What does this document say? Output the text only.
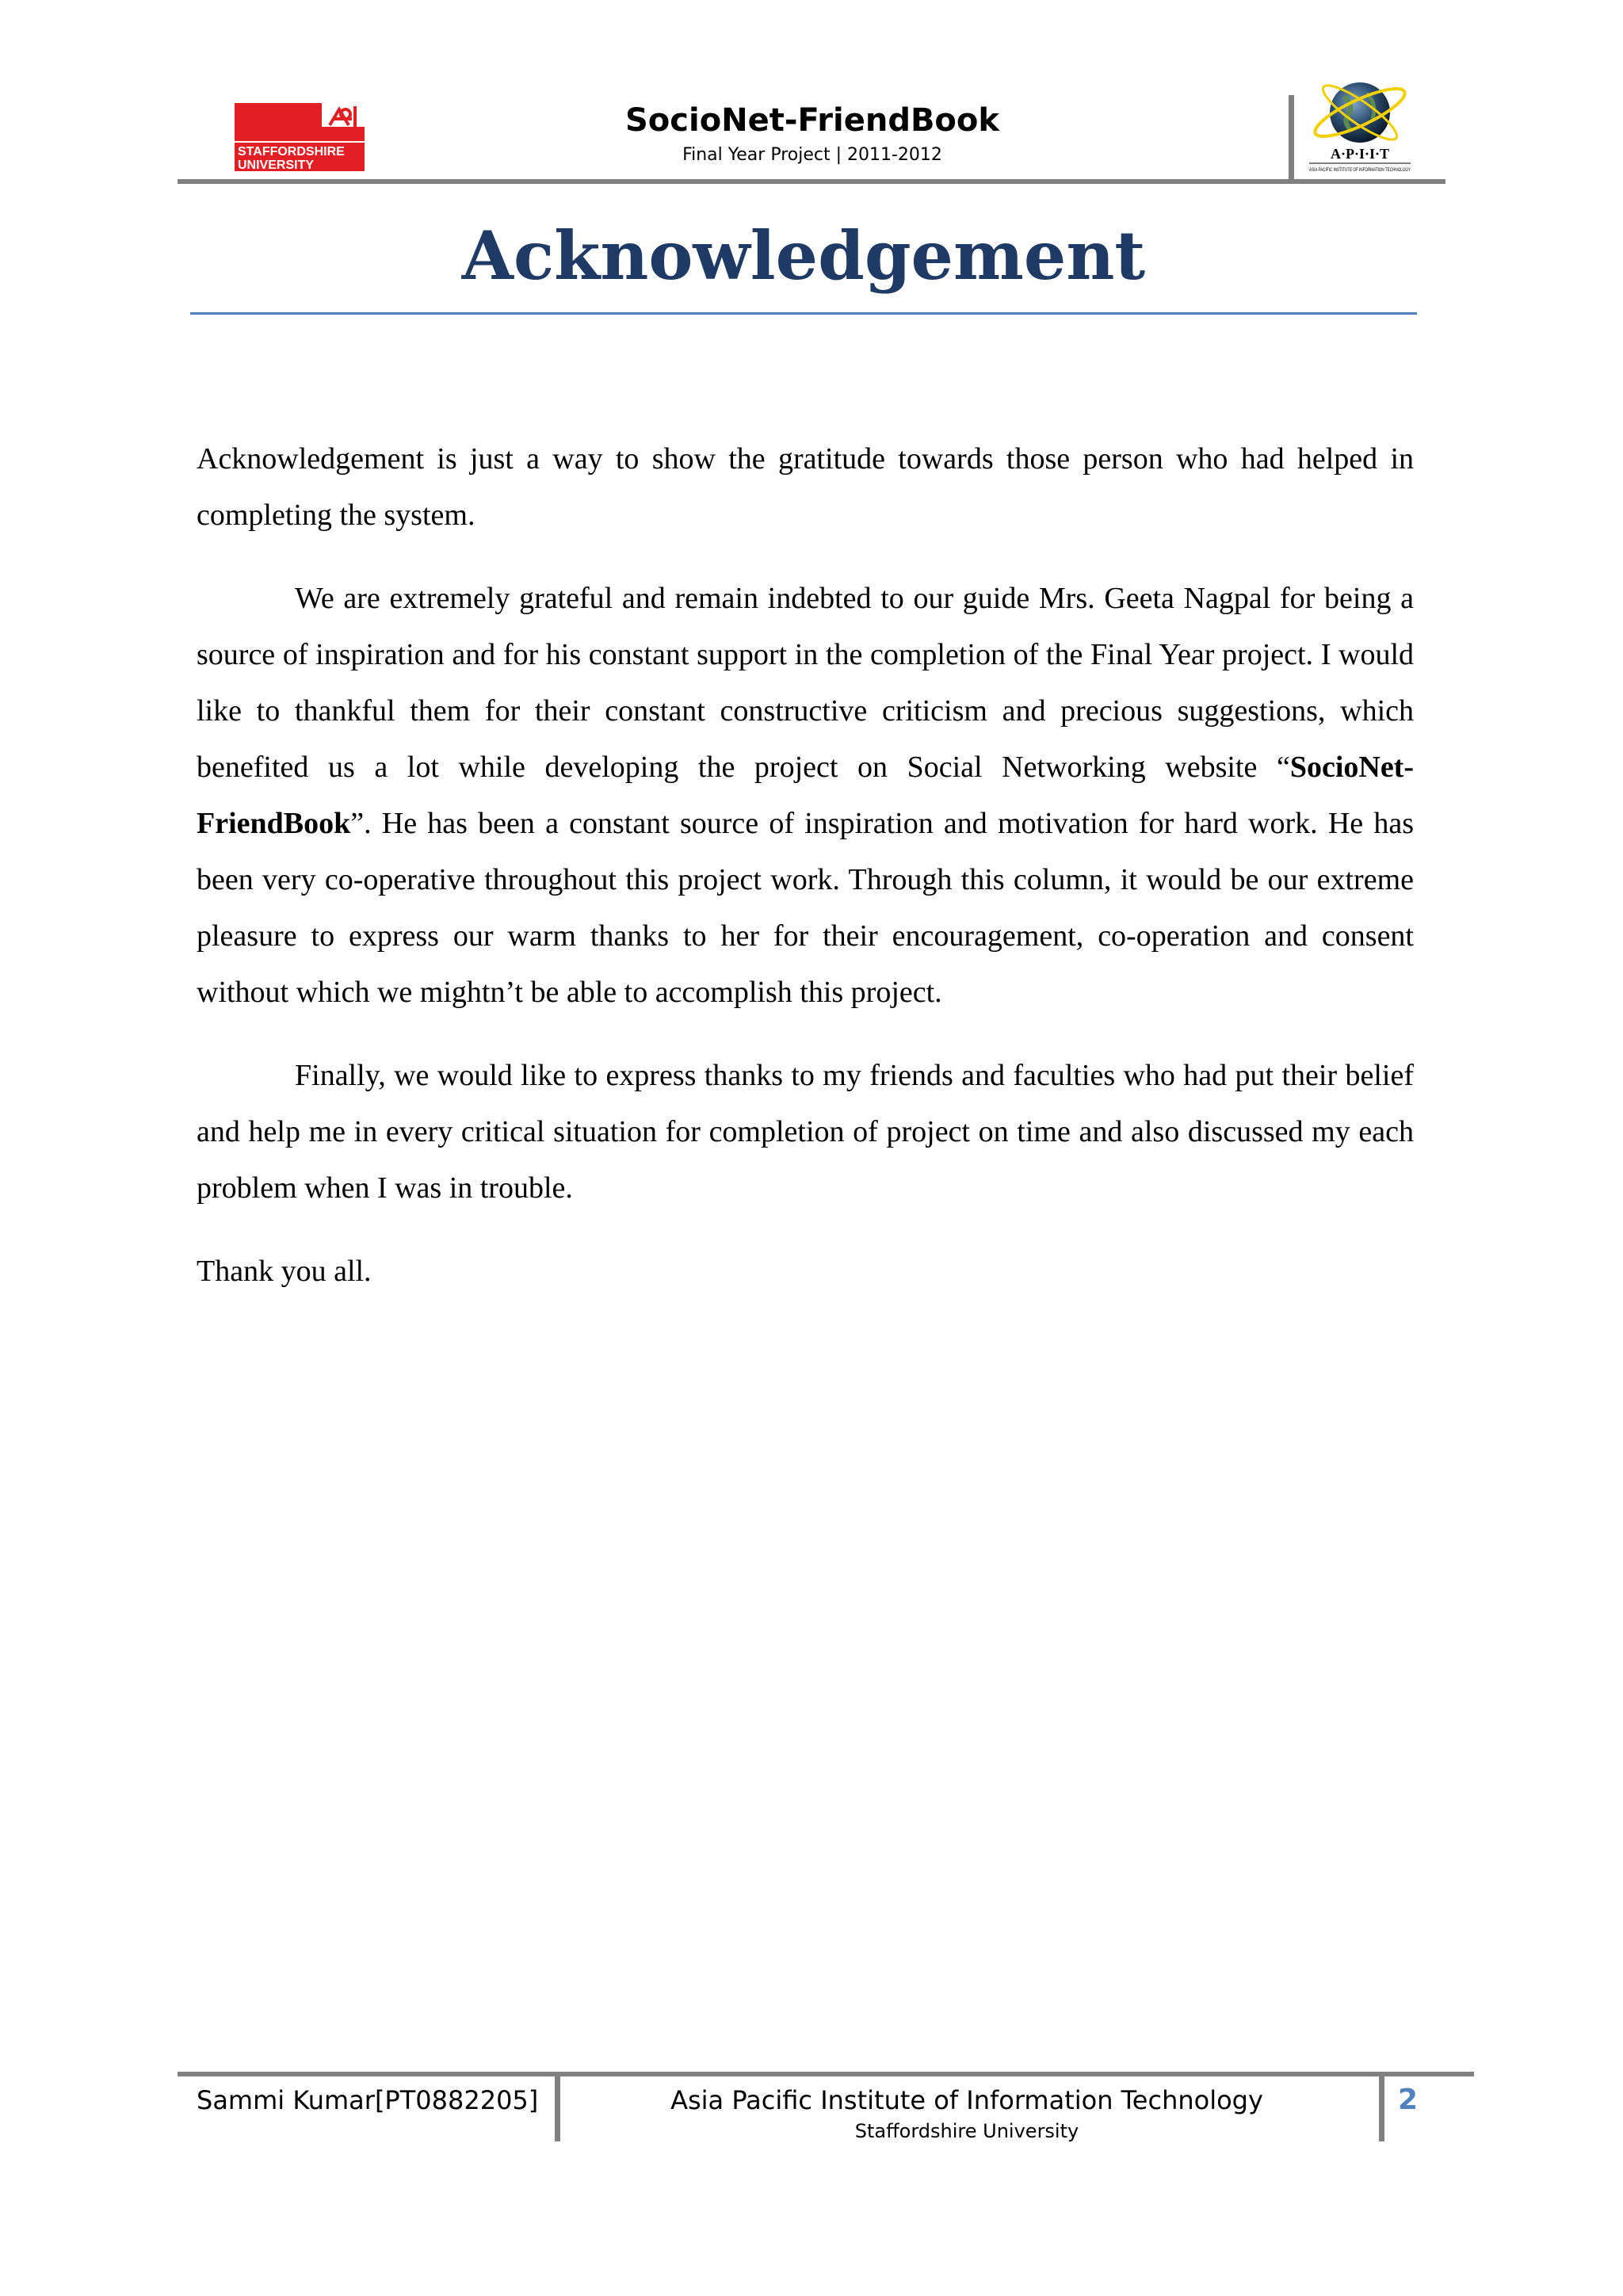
STAFFORDSHIRE
UNIVERSITY
SocioNet-FriendBook
Final Year Project | 2011-2012	A·P·I·I·T
ASIA PACIFIC INSTITUTE OF INFORMATION TECHNOLOGY
Acknowledgement

Acknowledgement is just a way to show the gratitude towards those person who had helped in completing the system.

We are extremely grateful and remain indebted to our guide Mrs. Geeta Nagpal for being a source of inspiration and for his constant support in the completion of the Final Year project. I would like to thankful them for their constant constructive criticism and precious suggestions, which benefited us a lot while developing the project on Social Networking website “SocioNet-FriendBook”. He has been a constant source of inspiration and motivation for hard work. He has been very co-operative throughout this project work. Through this column, it would be our extreme pleasure to express our warm thanks to her for their encouragement, co-operation and consent without which we mightn’t be able to accomplish this project.

Finally, we would like to express thanks to my friends and faculties who had put their belief and help me in every critical situation for completion of project on time and also discussed my each problem when I was in trouble.

Thank you all.

Sammi Kumar[PT0882205]	Asia Pacific Institute of Information Technology
Staffordshire University
2
